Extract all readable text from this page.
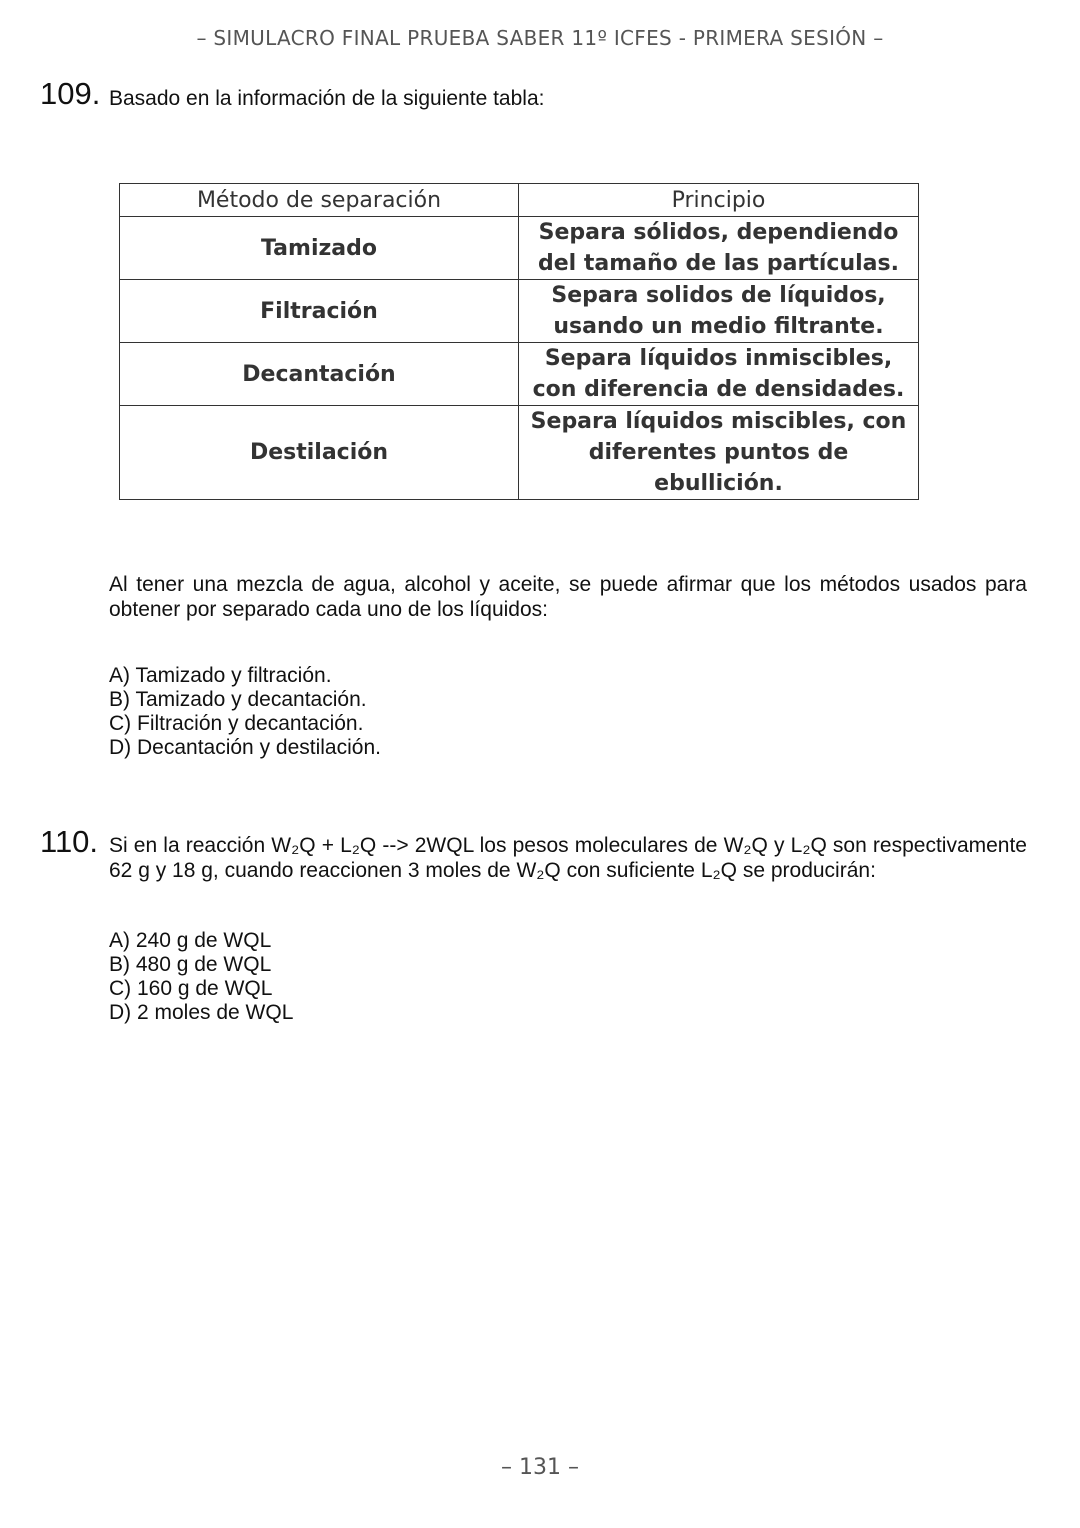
– SIMULACRO FINAL PRUEBA SABER 11º ICFES - PRIMERA SESIÓN –
109. Basado en la información de la siguiente tabla:
Método de separación	Principio
Tamizado	Separa sólidos, dependiendo del tamaño de las partículas.
Filtración	Separa solidos de líquidos, usando un medio filtrante.
Decantación	Separa líquidos inmiscibles, con diferencia de densidades.
Destilación	Separa líquidos miscibles, con diferentes puntos de ebullición.
Al tener una mezcla de agua, alcohol y aceite, se puede afirmar que los métodos usados para obtener por separado cada uno de los líquidos:
A) Tamizado y filtración.
B) Tamizado y decantación.
C) Filtración y decantación.
D) Decantación y destilación.
110. Si en la reacción W₂Q + L₂Q --> 2WQL los pesos moleculares de W₂Q y L₂Q son respectivamente 62 g y 18 g, cuando reaccionen 3 moles de W₂Q con suficiente L₂Q se producirán:
A) 240 g de WQL
B) 480 g de WQL
C) 160 g de WQL
D) 2 moles de WQL
– 131 –
